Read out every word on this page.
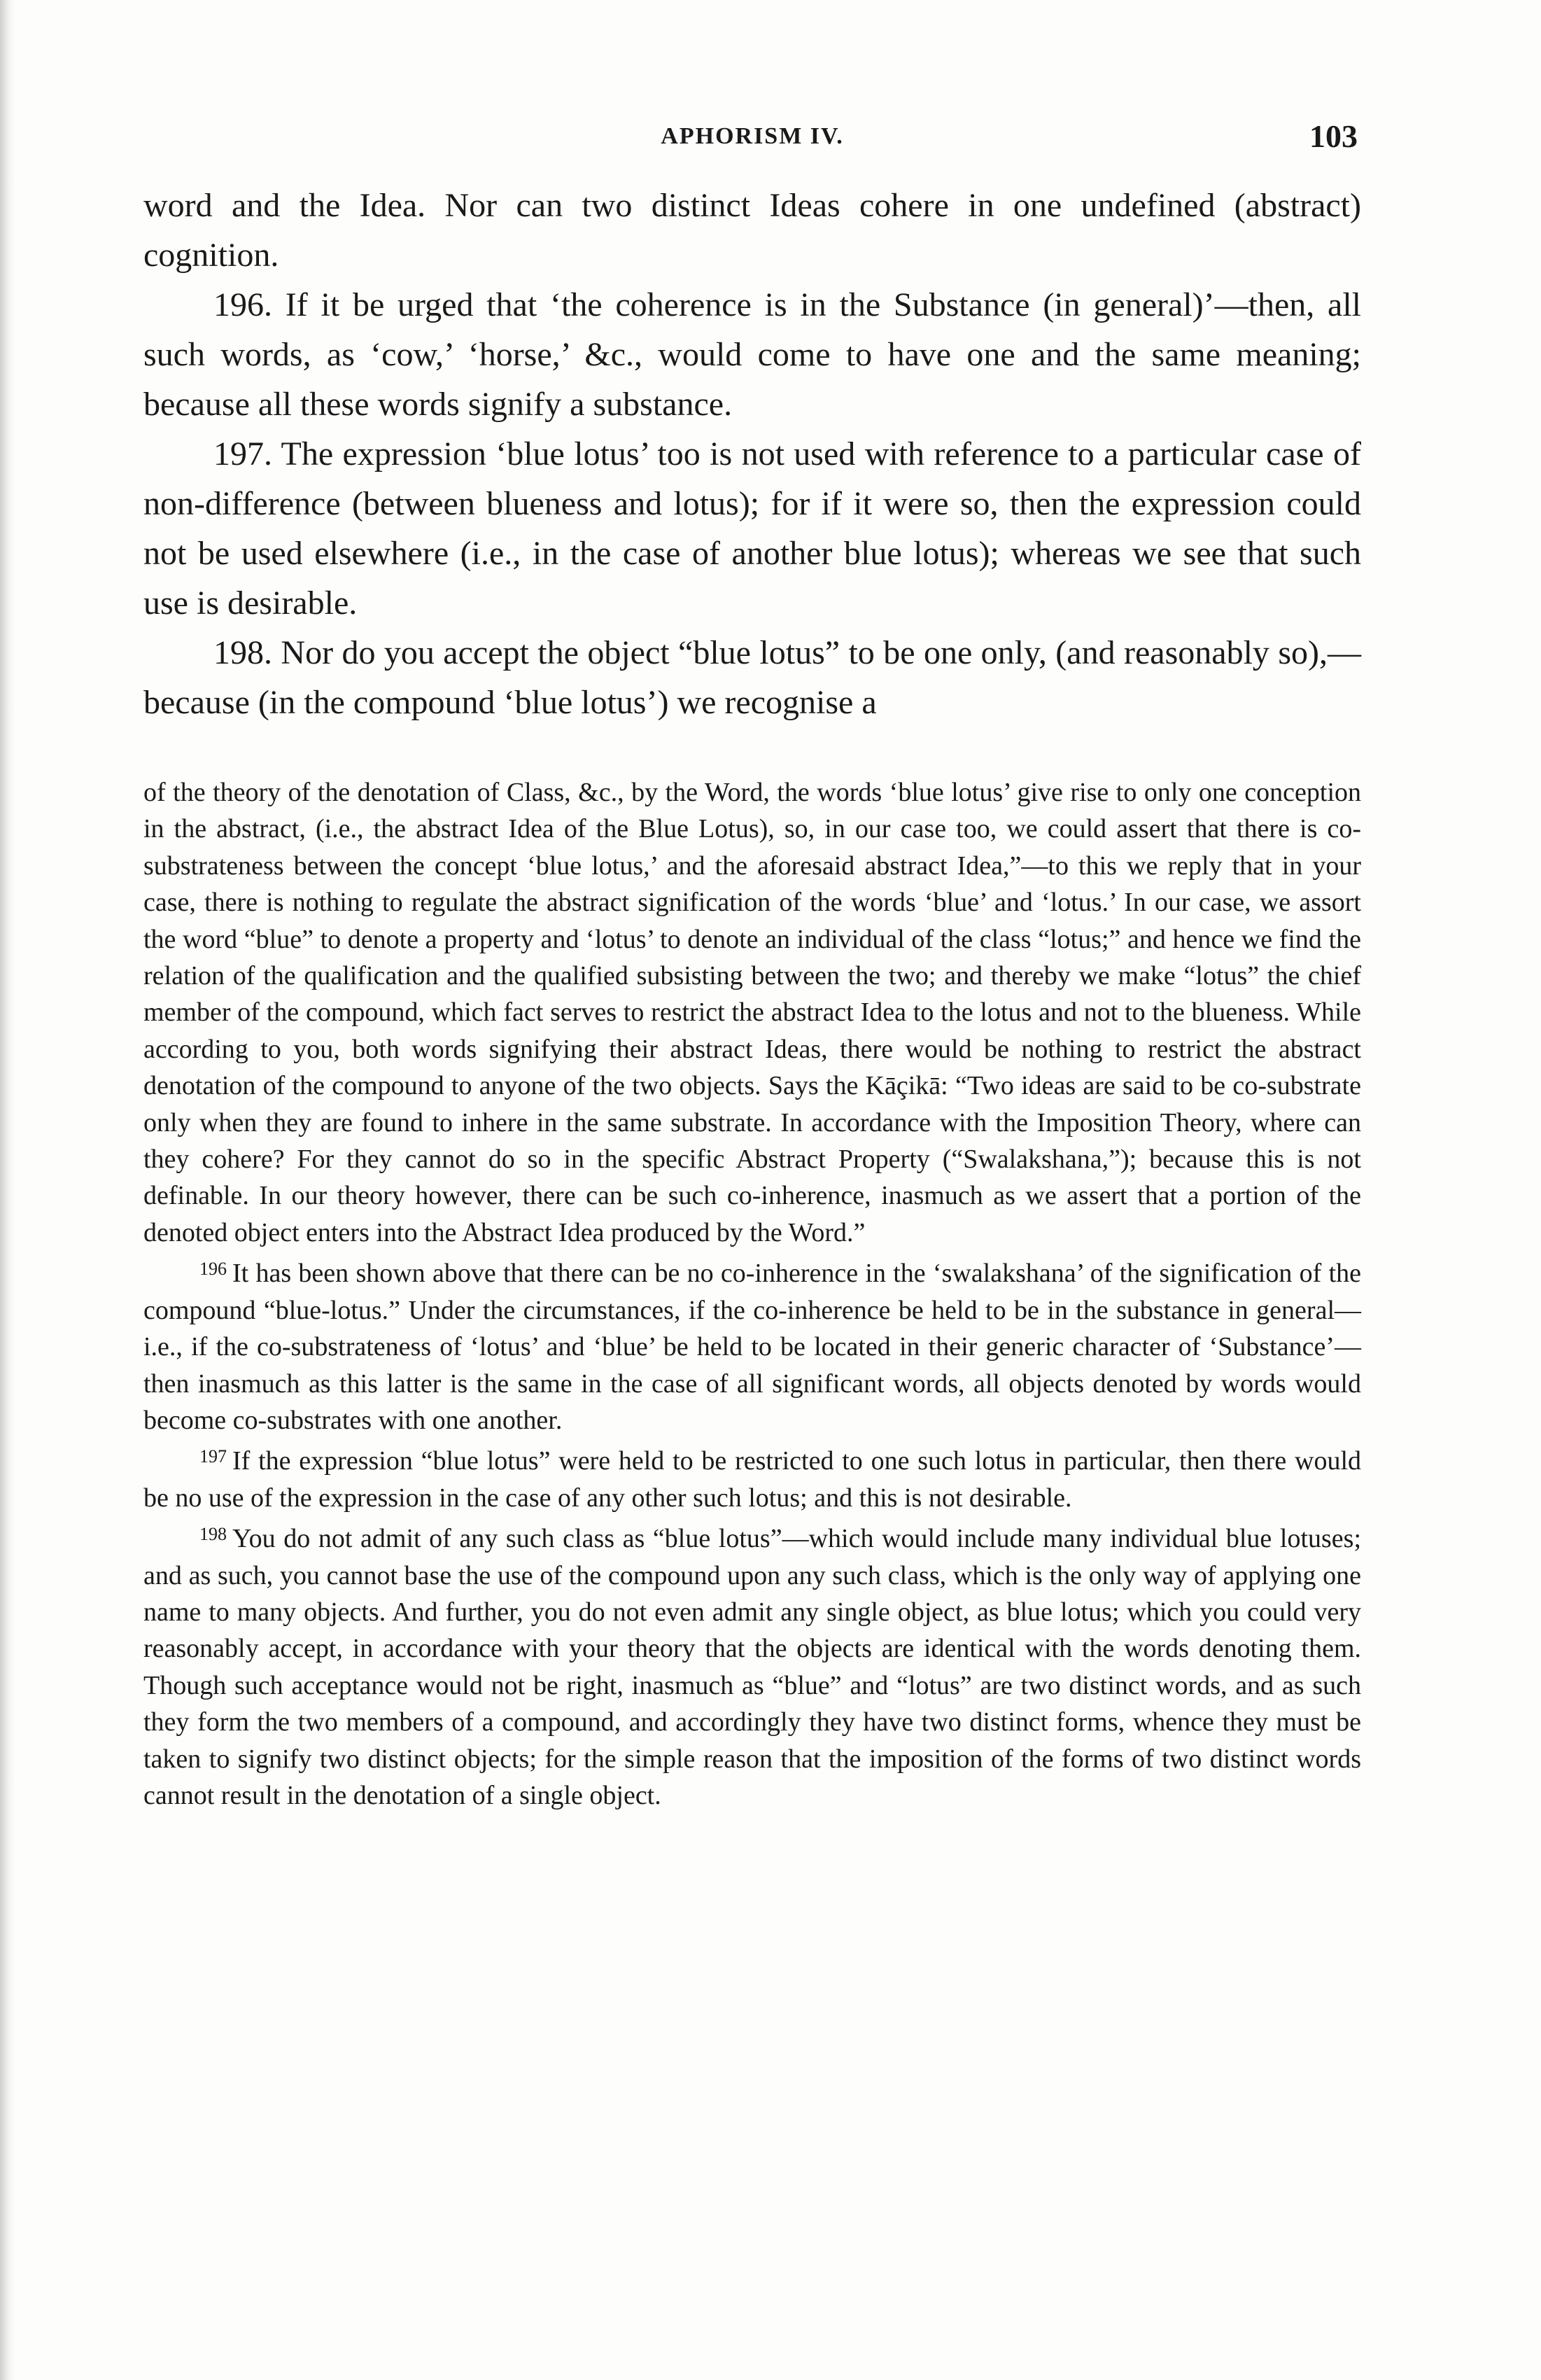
APHORISM IV.	103

word and the Idea. Nor can two distinct Ideas cohere in one undefined (abstract) cognition.

196. If it be urged that ‘the coherence is in the Substance (in general)’—then, all such words, as ‘cow,’ ‘horse,’ &c., would come to have one and the same meaning; because all these words signify a substance.

197. The expression ‘blue lotus’ too is not used with reference to a particular case of non-difference (between blueness and lotus); for if it were so, then the expression could not be used elsewhere (i.e., in the case of another blue lotus); whereas we see that such use is desirable.

198. Nor do you accept the object “blue lotus” to be one only, (and reasonably so),—because (in the compound ‘blue lotus’) we recognise a

of the theory of the denotation of Class, &c., by the Word, the words ‘blue lotus’ give rise to only one conception in the abstract, (i.e., the abstract Idea of the Blue Lotus), so, in our case too, we could assert that there is co-substrateness between the concept ‘blue lotus,’ and the aforesaid abstract Idea,”—to this we reply that in your case, there is nothing to regulate the abstract signification of the words ‘blue’ and ‘lotus.’ In our case, we assort the word “blue” to denote a property and ‘lotus’ to denote an individual of the class “lotus;” and hence we find the relation of the qualification and the qualified subsisting between the two; and thereby we make “lotus” the chief member of the compound, which fact serves to restrict the abstract Idea to the lotus and not to the blueness. While according to you, both words signifying their abstract Ideas, there would be nothing to restrict the abstract denotation of the compound to anyone of the two objects. Says the Kāçikā: “Two ideas are said to be co-substrate only when they are found to inhere in the same substrate. In accordance with the Imposition Theory, where can they cohere? For they cannot do so in the specific Abstract Property (“Swalakshana,”); because this is not definable. In our theory however, there can be such co-inherence, inasmuch as we assert that a portion of the denoted object enters into the Abstract Idea produced by the Word.”

$^{196}$ It has been shown above that there can be no co-inherence in the ‘swalakshana’ of the signification of the compound “blue-lotus.” Under the circumstances, if the co-inherence be held to be in the substance in general—i.e., if the co-substrateness of ‘lotus’ and ‘blue’ be held to be located in their generic character of ‘Substance’—then inasmuch as this latter is the same in the case of all significant words, all objects denoted by words would become co-substrates with one another.

$^{197}$ If the expression “blue lotus” were held to be restricted to one such lotus in particular, then there would be no use of the expression in the case of any other such lotus; and this is not desirable.

$^{198}$ You do not admit of any such class as “blue lotus”—which would include many individual blue lotuses; and as such, you cannot base the use of the compound upon any such class, which is the only way of applying one name to many objects. And further, you do not even admit any single object, as blue lotus; which you could very reasonably accept, in accordance with your theory that the objects are identical with the words denoting them. Though such acceptance would not be right, inasmuch as “blue” and “lotus” are two distinct words, and as such they form the two members of a compound, and accordingly they have two distinct forms, whence they must be taken to signify two distinct objects; for the simple reason that the imposition of the forms of two distinct words cannot result in the denotation of a single object.
